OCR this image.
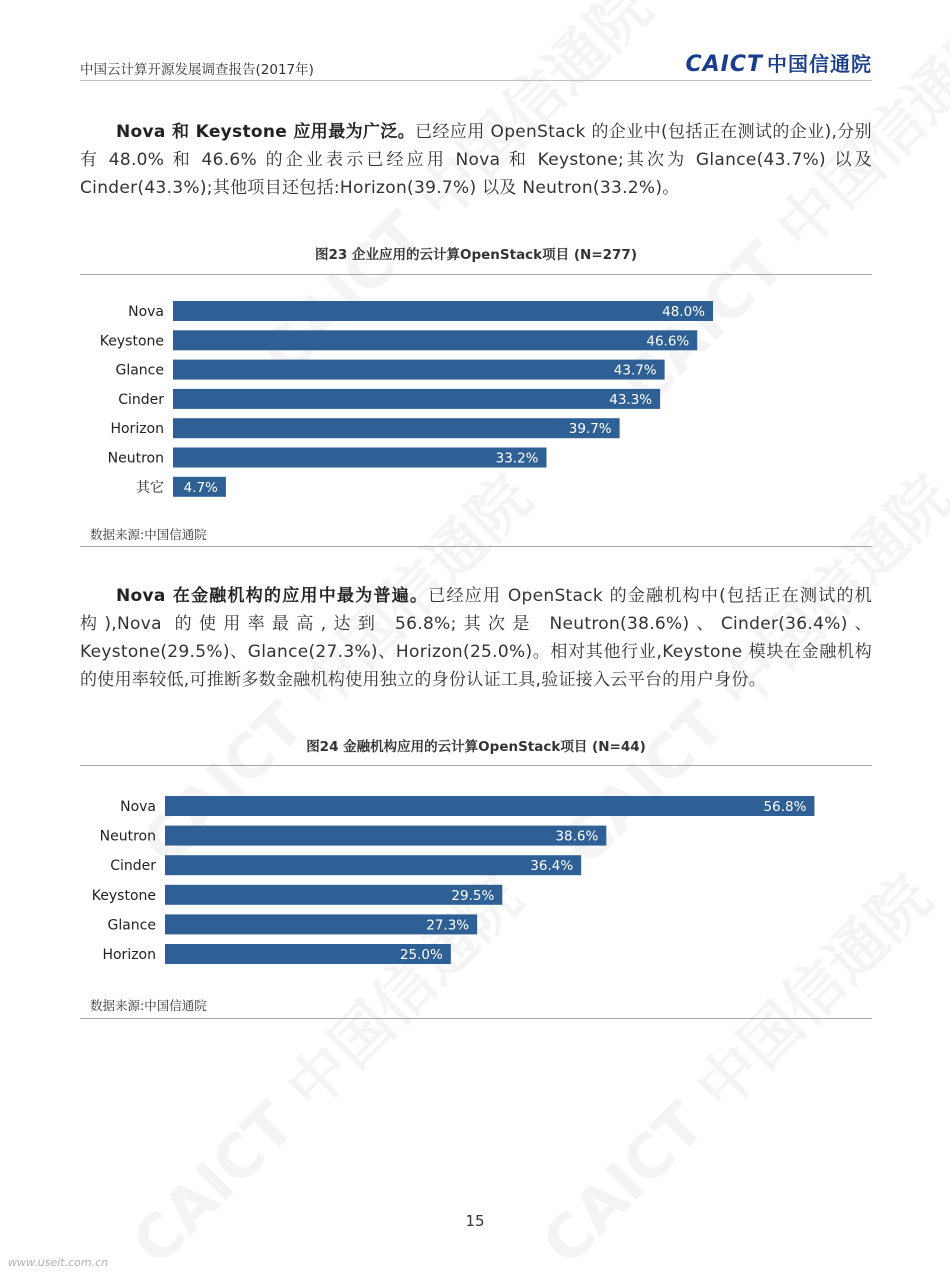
中国云计算开源发展调查报告(2017年)	CAICT 中国信通院
Nova 和 Keystone 应用最为广泛。已经应用 OpenStack 的企业中(包括正在测试的企业),分别有 48.0% 和 46.6% 的企业表示已经应用 Nova 和 Keystone;其次为 Glance(43.7%) 以及 Cinder(43.3%);其他项目还包括:Horizon(39.7%) 以及 Neutron(33.2%)。
图23 企业应用的云计算OpenStack项目 (N=277)
Nova	48.0%
Keystone	46.6%
Glance	43.7%
Cinder	43.3%
Horizon	39.7%
Neutron	33.2%
其它 4.7%
数据来源:中国信通院
Nova 在金融机构的应用中最为普遍。已经应用 OpenStack 的金融机构中(包括正在测试的机构),Nova 的使用率最高,达到 56.8%;其次是 Neutron(38.6%)、Cinder(36.4%)、Keystone(29.5%)、Glance(27.3%)、Horizon(25.0%)。相对其他行业,Keystone 模块在金融机构的使用率较低,可推断多数金融机构使用独立的身份认证工具,验证接入云平台的用户身份。
图24 金融机构应用的云计算OpenStack项目 (N=44)
Nova	56.8%
Neutron	38.6%
Cinder	36.4%
Keystone	29.5%
Glance	27.3%
Horizon	25.0%
数据来源:中国信通院
15
www.useit.com.cn
